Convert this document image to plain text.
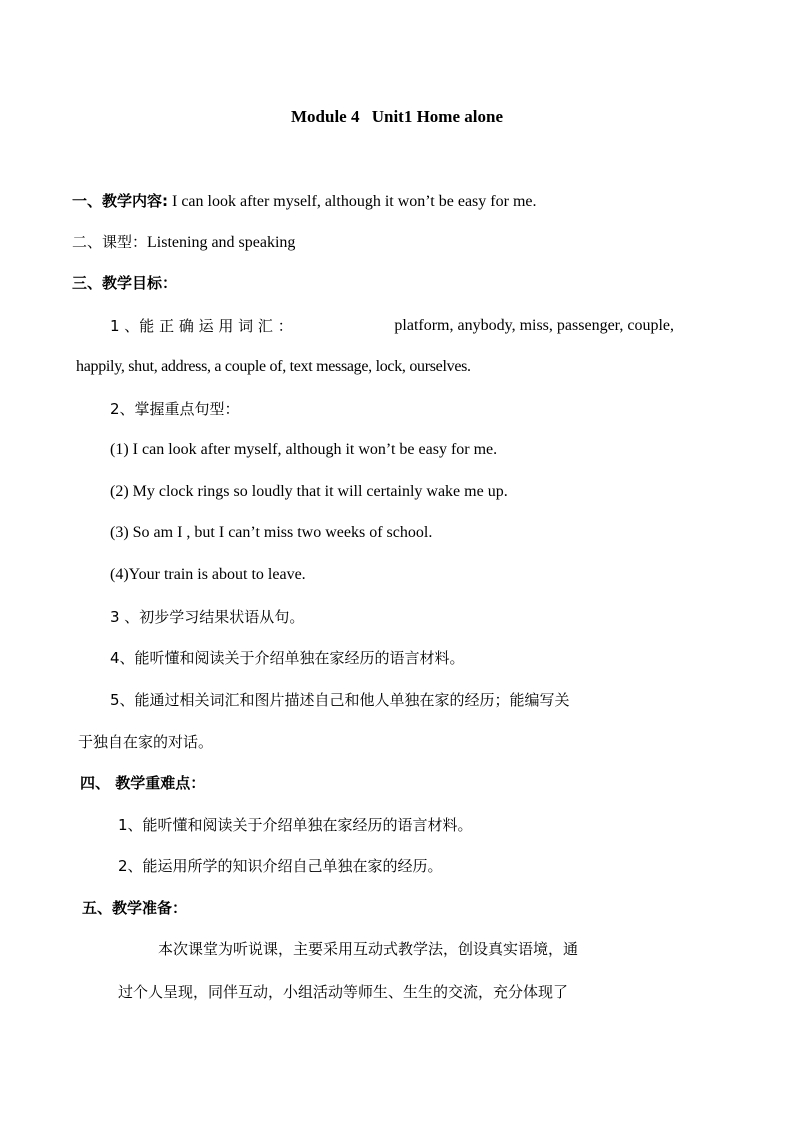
Module 4 Unit1 Home alone
一、教学内容: I can look after myself, although it won’t be easy for me.
二、课型：Listening and speaking
三、教学目标：
1 、能 正 确 运 用 词 汇 ：	platform, anybody, miss, passenger, couple,
happily, shut, address, a couple of, text message, lock, ourselves.
2、掌握重点句型：
(1) I can look after myself, although it won’t be easy for me.
(2) My clock rings so loudly that it will certainly wake me up.
(3) So am I , but I can’t miss two weeks of school.
(4)Your train is about to leave.
3 、初步学习结果状语从句。
4、能听懂和阅读关于介绍单独在家经历的语言材料。
5、能通过相关词汇和图片描述自己和他人单独在家的经历；能编写关
于独自在家的对话。
四、 教学重难点：
1、能听懂和阅读关于介绍单独在家经历的语言材料。
2、能运用所学的知识介绍自己单独在家的经历。
五、教学准备：
本次课堂为听说课，主要采用互动式教学法，创设真实语境，通
过个人呈现，同伴互动，小组活动等师生、生生的交流，充分体现了
